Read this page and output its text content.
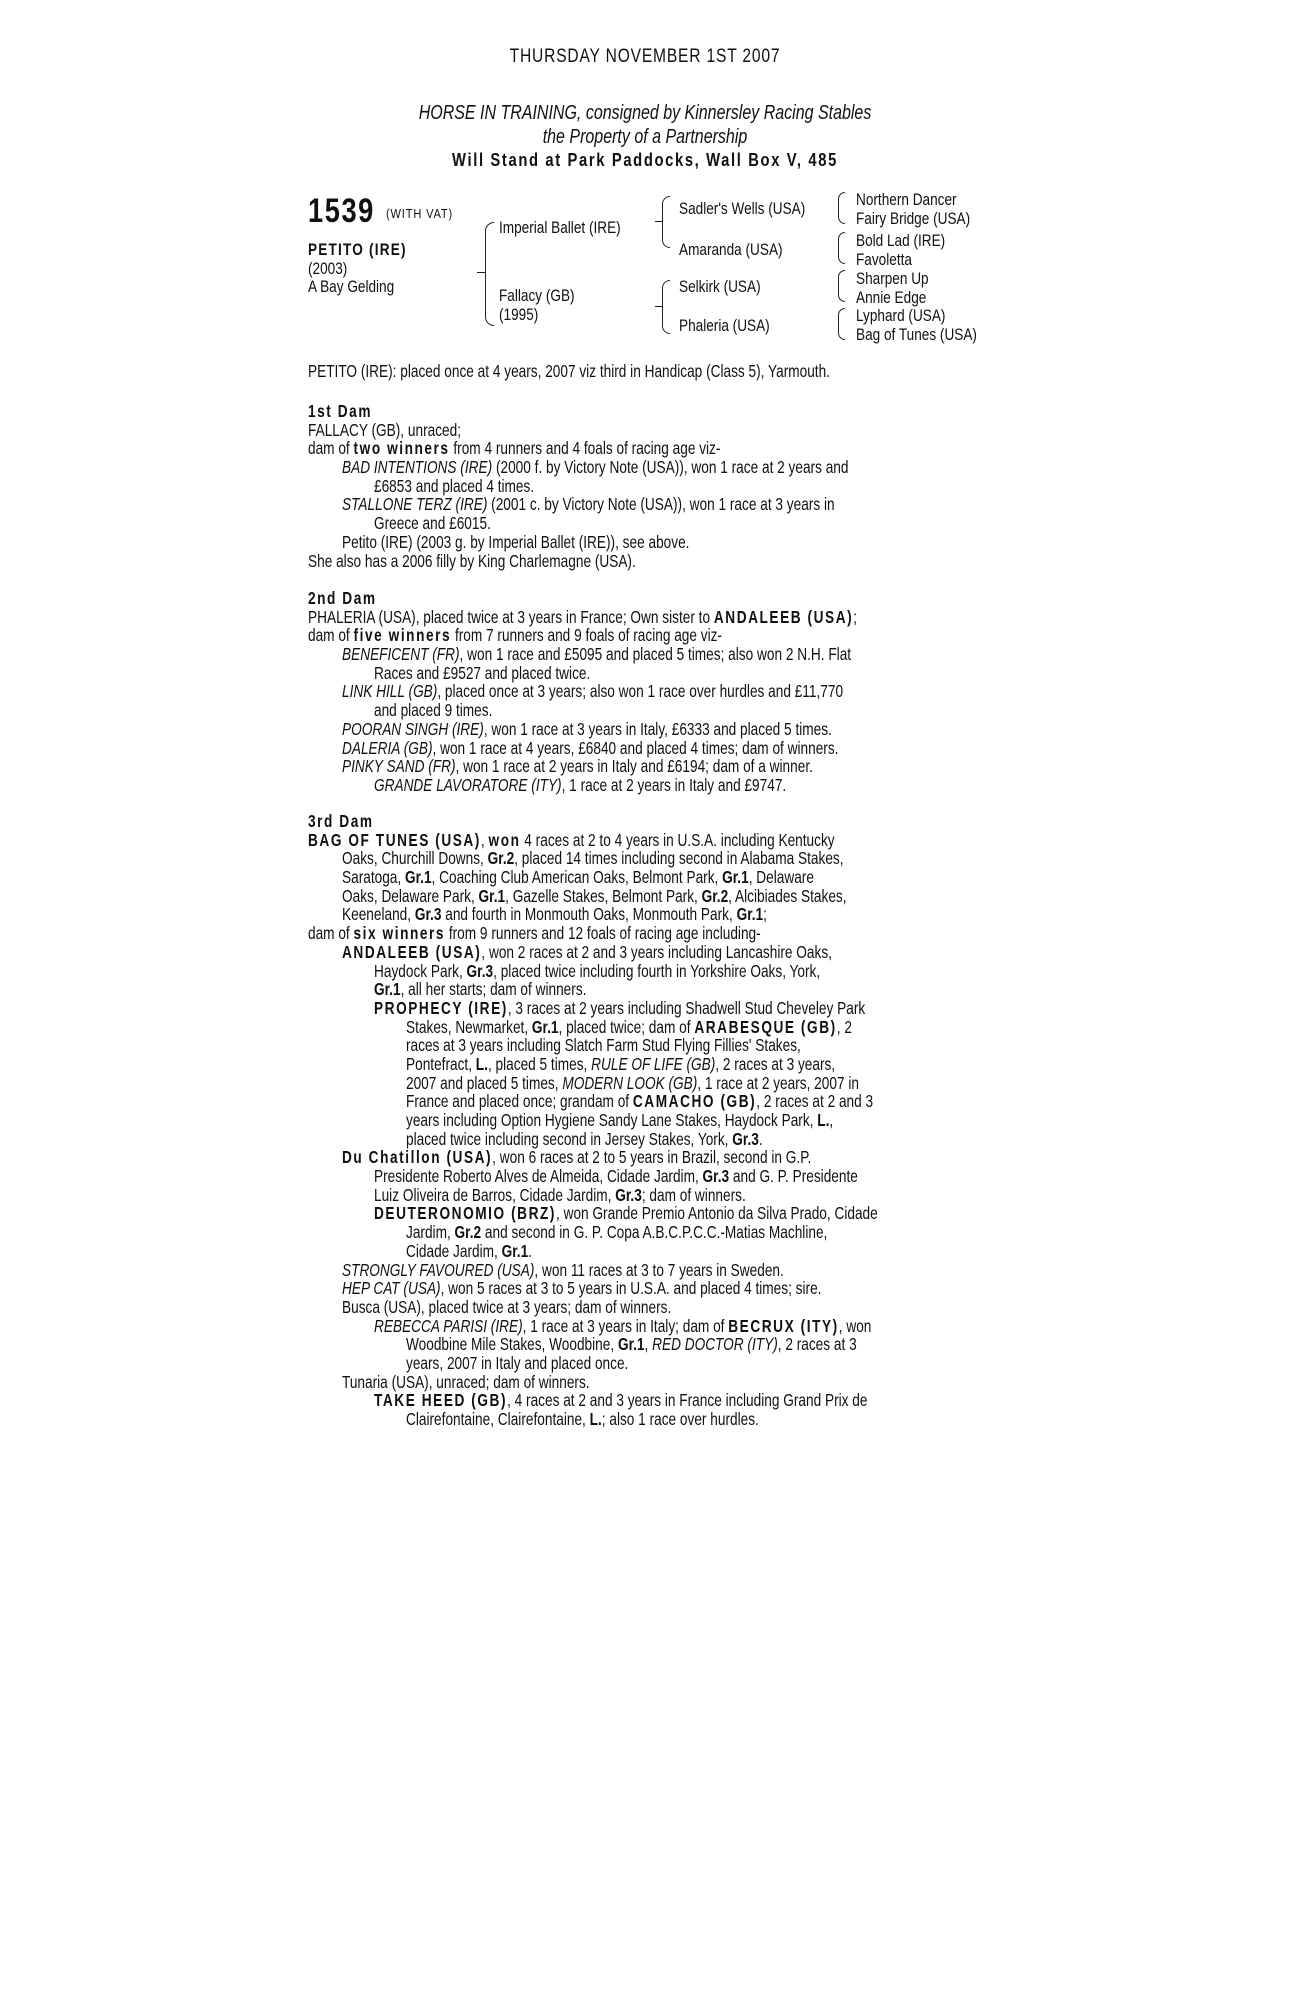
THURSDAY NOVEMBER 1ST 2007
HORSE IN TRAINING, consigned by Kinnersley Racing Stables
the Property of a Partnership
Will Stand at Park Paddocks, Wall Box V, 485
1539 (WITH VAT)
PETITO (IRE)
(2003)
A Bay Gelding
Imperial Ballet (IRE)
Fallacy (GB)
(1995)
Sadler's Wells (USA)
Amaranda (USA)
Selkirk (USA)
Phaleria (USA)
Northern Dancer
Fairy Bridge (USA)
Bold Lad (IRE)
Favoletta
Sharpen Up
Annie Edge
Lyphard (USA)
Bag of Tunes (USA)
PETITO (IRE): placed once at 4 years, 2007 viz third in Handicap (Class 5), Yarmouth.
1st Dam
FALLACY (GB), unraced;
dam of two winners from 4 runners and 4 foals of racing age viz-
BAD INTENTIONS (IRE) (2000 f. by Victory Note (USA)), won 1 race at 2 years and
£6853 and placed 4 times.
STALLONE TERZ (IRE) (2001 c. by Victory Note (USA)), won 1 race at 3 years in
Greece and £6015.
Petito (IRE) (2003 g. by Imperial Ballet (IRE)), see above.
She also has a 2006 filly by King Charlemagne (USA).
2nd Dam
PHALERIA (USA), placed twice at 3 years in France; Own sister to ANDALEEB (USA);
dam of five winners from 7 runners and 9 foals of racing age viz-
BENEFICENT (FR), won 1 race and £5095 and placed 5 times; also won 2 N.H. Flat
Races and £9527 and placed twice.
LINK HILL (GB), placed once at 3 years; also won 1 race over hurdles and £11,770
and placed 9 times.
POORAN SINGH (IRE), won 1 race at 3 years in Italy, £6333 and placed 5 times.
DALERIA (GB), won 1 race at 4 years, £6840 and placed 4 times; dam of winners.
PINKY SAND (FR), won 1 race at 2 years in Italy and £6194; dam of a winner.
GRANDE LAVORATORE (ITY), 1 race at 2 years in Italy and £9747.
3rd Dam
BAG OF TUNES (USA), won 4 races at 2 to 4 years in U.S.A. including Kentucky
Oaks, Churchill Downs, Gr.2, placed 14 times including second in Alabama Stakes,
Saratoga, Gr.1, Coaching Club American Oaks, Belmont Park, Gr.1, Delaware
Oaks, Delaware Park, Gr.1, Gazelle Stakes, Belmont Park, Gr.2, Alcibiades Stakes,
Keeneland, Gr.3 and fourth in Monmouth Oaks, Monmouth Park, Gr.1;
dam of six winners from 9 runners and 12 foals of racing age including-
ANDALEEB (USA), won 2 races at 2 and 3 years including Lancashire Oaks,
Haydock Park, Gr.3, placed twice including fourth in Yorkshire Oaks, York,
Gr.1, all her starts; dam of winners.
PROPHECY (IRE), 3 races at 2 years including Shadwell Stud Cheveley Park
Stakes, Newmarket, Gr.1, placed twice; dam of ARABESQUE (GB), 2
races at 3 years including Slatch Farm Stud Flying Fillies' Stakes,
Pontefract, L., placed 5 times, RULE OF LIFE (GB), 2 races at 3 years,
2007 and placed 5 times, MODERN LOOK (GB), 1 race at 2 years, 2007 in
France and placed once; grandam of CAMACHO (GB), 2 races at 2 and 3
years including Option Hygiene Sandy Lane Stakes, Haydock Park, L.,
placed twice including second in Jersey Stakes, York, Gr.3.
Du Chatillon (USA), won 6 races at 2 to 5 years in Brazil, second in G.P.
Presidente Roberto Alves de Almeida, Cidade Jardim, Gr.3 and G. P. Presidente
Luiz Oliveira de Barros, Cidade Jardim, Gr.3; dam of winners.
DEUTERONOMIO (BRZ), won Grande Premio Antonio da Silva Prado, Cidade
Jardim, Gr.2 and second in G. P. Copa A.B.C.P.C.C.-Matias Machline,
Cidade Jardim, Gr.1.
STRONGLY FAVOURED (USA), won 11 races at 3 to 7 years in Sweden.
HEP CAT (USA), won 5 races at 3 to 5 years in U.S.A. and placed 4 times; sire.
Busca (USA), placed twice at 3 years; dam of winners.
REBECCA PARISI (IRE), 1 race at 3 years in Italy; dam of BECRUX (ITY), won
Woodbine Mile Stakes, Woodbine, Gr.1, RED DOCTOR (ITY), 2 races at 3
years, 2007 in Italy and placed once.
Tunaria (USA), unraced; dam of winners.
TAKE HEED (GB), 4 races at 2 and 3 years in France including Grand Prix de
Clairefontaine, Clairefontaine, L.; also 1 race over hurdles.
